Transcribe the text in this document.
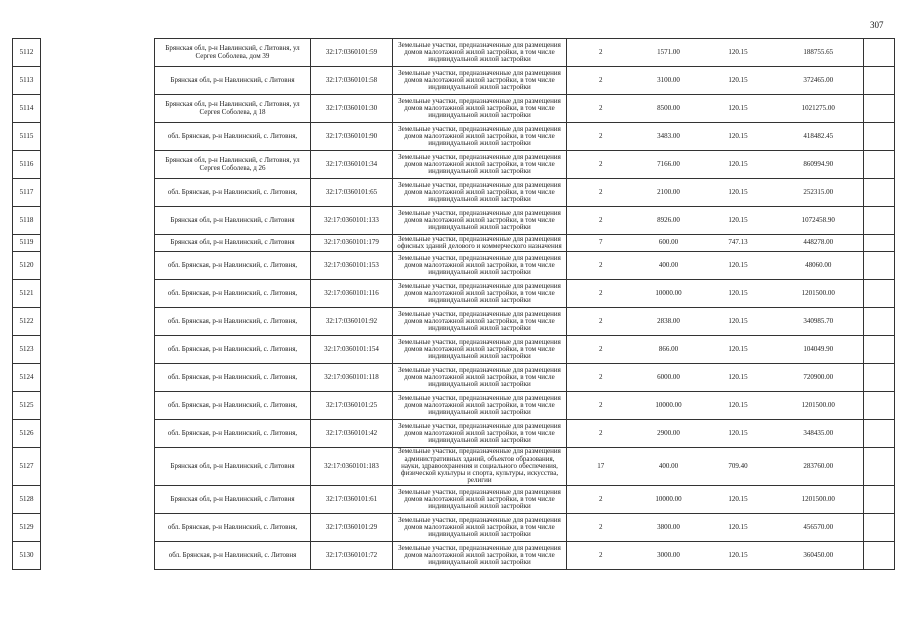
307
5112		Брянская обл, р-н Навлинский, с Литовня, ул Сергея Соболева, дом 39	32:17:0360101:59	Земельные участки, предназначенные для размещения домов малоэтажной жилой застройки, в том числе индивидуальной жилой застройки	2	1571.00	120.15	188755.65	
5113		Брянская обл, р-н Навлинский, с Литовня	32:17:0360101:58	Земельные участки, предназначенные для размещения домов малоэтажной жилой застройки, в том числе индивидуальной жилой застройки	2	3100.00	120.15	372465.00	
5114		Брянская обл, р-н Навлинский, с Литовня, ул Сергея Соболева, д 18	32:17:0360101:30	Земельные участки, предназначенные для размещения домов малоэтажной жилой застройки, в том числе индивидуальной жилой застройки	2	8500.00	120.15	1021275.00	
5115		обл. Брянская, р-н Навлинский, с. Литовня,	32:17:0360101:90	Земельные участки, предназначенные для размещения домов малоэтажной жилой застройки, в том числе индивидуальной жилой застройки	2	3483.00	120.15	418482.45	
5116		Брянская обл, р-н Навлинский, с Литовня, ул Сергея Соболева, д 26	32:17:0360101:34	Земельные участки, предназначенные для размещения домов малоэтажной жилой застройки, в том числе индивидуальной жилой застройки	2	7166.00	120.15	860994.90	
5117		обл. Брянская, р-н Навлинский, с. Литовня,	32:17:0360101:65	Земельные участки, предназначенные для размещения домов малоэтажной жилой застройки, в том числе индивидуальной жилой застройки	2	2100.00	120.15	252315.00	
5118		Брянская обл, р-н Навлинский, с Литовня	32:17:0360101:133	Земельные участки, предназначенные для размещения домов малоэтажной жилой застройки, в том числе индивидуальной жилой застройки	2	8926.00	120.15	1072458.90	
5119		Брянская обл, р-н Навлинский, с Литовня	32:17:0360101:179	Земельные участки, предназначенные для размещения офисных зданий делового и коммерческого назначения	7	600.00	747.13	448278.00	
5120		обл. Брянская, р-н Навлинский, с. Литовня,	32:17:0360101:153	Земельные участки, предназначенные для размещения домов малоэтажной жилой застройки, в том числе индивидуальной жилой застройки	2	400.00	120.15	48060.00	
5121		обл. Брянская, р-н Навлинский, с. Литовня,	32:17:0360101:116	Земельные участки, предназначенные для размещения домов малоэтажной жилой застройки, в том числе индивидуальной жилой застройки	2	10000.00	120.15	1201500.00	
5122		обл. Брянская, р-н Навлинский, с. Литовня,	32:17:0360101:92	Земельные участки, предназначенные для размещения домов малоэтажной жилой застройки, в том числе индивидуальной жилой застройки	2	2838.00	120.15	340985.70	
5123		обл. Брянская, р-н Навлинский, с. Литовня,	32:17:0360101:154	Земельные участки, предназначенные для размещения домов малоэтажной жилой застройки, в том числе индивидуальной жилой застройки	2	866.00	120.15	104049.90	
5124		обл. Брянская, р-н Навлинский, с. Литовня,	32:17:0360101:118	Земельные участки, предназначенные для размещения домов малоэтажной жилой застройки, в том числе индивидуальной жилой застройки	2	6000.00	120.15	720900.00	
5125		обл. Брянская, р-н Навлинский, с. Литовня,	32:17:0360101:25	Земельные участки, предназначенные для размещения домов малоэтажной жилой застройки, в том числе индивидуальной жилой застройки	2	10000.00	120.15	1201500.00	
5126		обл. Брянская, р-н Навлинский, с. Литовня,	32:17:0360101:42	Земельные участки, предназначенные для размещения домов малоэтажной жилой застройки, в том числе индивидуальной жилой застройки	2	2900.00	120.15	348435.00	
5127		Брянская обл, р-н Навлинский, с Литовня	32:17:0360101:183	Земельные участки, предназначенные для размещения административных зданий, объектов образования, науки, здравоохранения и социального обеспечения, физической культуры и спорта, культуры, искусства, религии	17	400.00	709.40	283760.00	
5128		Брянская обл, р-н Навлинский, с Литовня	32:17:0360101:61	Земельные участки, предназначенные для размещения домов малоэтажной жилой застройки, в том числе индивидуальной жилой застройки	2	10000.00	120.15	1201500.00	
5129		обл. Брянская, р-н Навлинский, с. Литовня,	32:17:0360101:29	Земельные участки, предназначенные для размещения домов малоэтажной жилой застройки, в том числе индивидуальной жилой застройки	2	3800.00	120.15	456570.00	
5130		обл. Брянская, р-н Навлинский, с. Литовня	32:17:0360101:72	Земельные участки, предназначенные для размещения домов малоэтажной жилой застройки, в том числе индивидуальной жилой застройки	2	3000.00	120.15	360450.00	
